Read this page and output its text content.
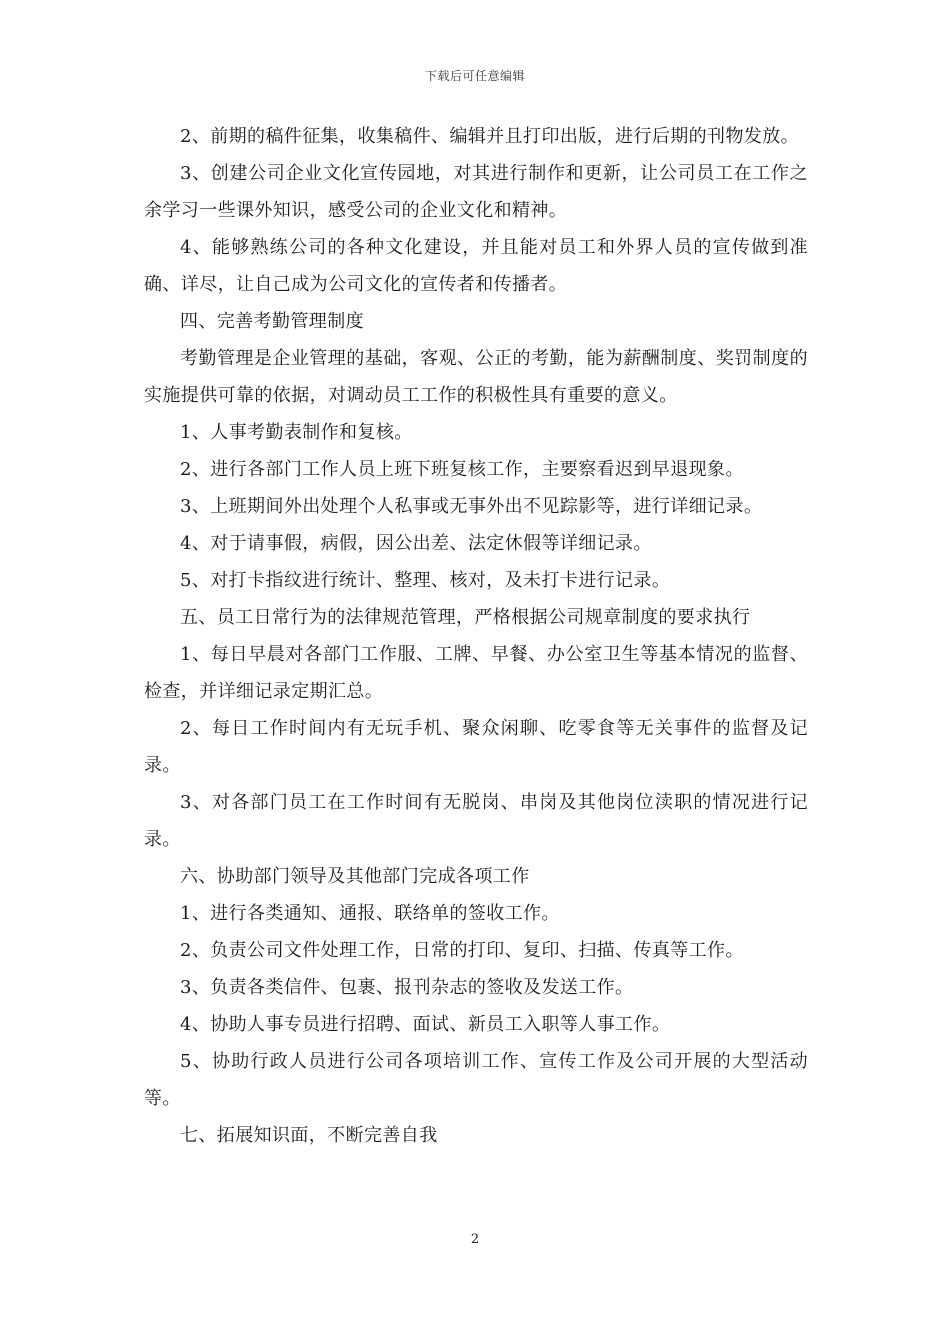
下载后可任意编辑

2、前期的稿件征集，收集稿件、编辑并且打印出版，进行后期的刊物发放。

3、创建公司企业文化宣传园地，对其进行制作和更新，让公司员工在工作之余学习一些课外知识，感受公司的企业文化和精神。

4、能够熟练公司的各种文化建设，并且能对员工和外界人员的宣传做到准确、详尽，让自己成为公司文化的宣传者和传播者。

四、完善考勤管理制度

考勤管理是企业管理的基础，客观、公正的考勤，能为薪酬制度、奖罚制度的实施提供可靠的依据，对调动员工工作的积极性具有重要的意义。

1、人事考勤表制作和复核。

2、进行各部门工作人员上班下班复核工作，主要察看迟到早退现象。

3、上班期间外出处理个人私事或无事外出不见踪影等，进行详细记录。

4、对于请事假，病假，因公出差、法定休假等详细记录。

5、对打卡指纹进行统计、整理、核对，及未打卡进行记录。

五、员工日常行为的法律规范管理，严格根据公司规章制度的要求执行

1、每日早晨对各部门工作服、工牌、早餐、办公室卫生等基本情况的监督、检查，并详细记录定期汇总。

2、每日工作时间内有无玩手机、聚众闲聊、吃零食等无关事件的监督及记录。

3、对各部门员工在工作时间有无脱岗、串岗及其他岗位渎职的情况进行记录。

六、协助部门领导及其他部门完成各项工作

1、进行各类通知、通报、联络单的签收工作。

2、负责公司文件处理工作，日常的打印、复印、扫描、传真等工作。

3、负责各类信件、包裹、报刊杂志的签收及发送工作。

4、协助人事专员进行招聘、面试、新员工入职等人事工作。

5、协助行政人员进行公司各项培训工作、宣传工作及公司开展的大型活动等。

七、拓展知识面，不断完善自我

2
